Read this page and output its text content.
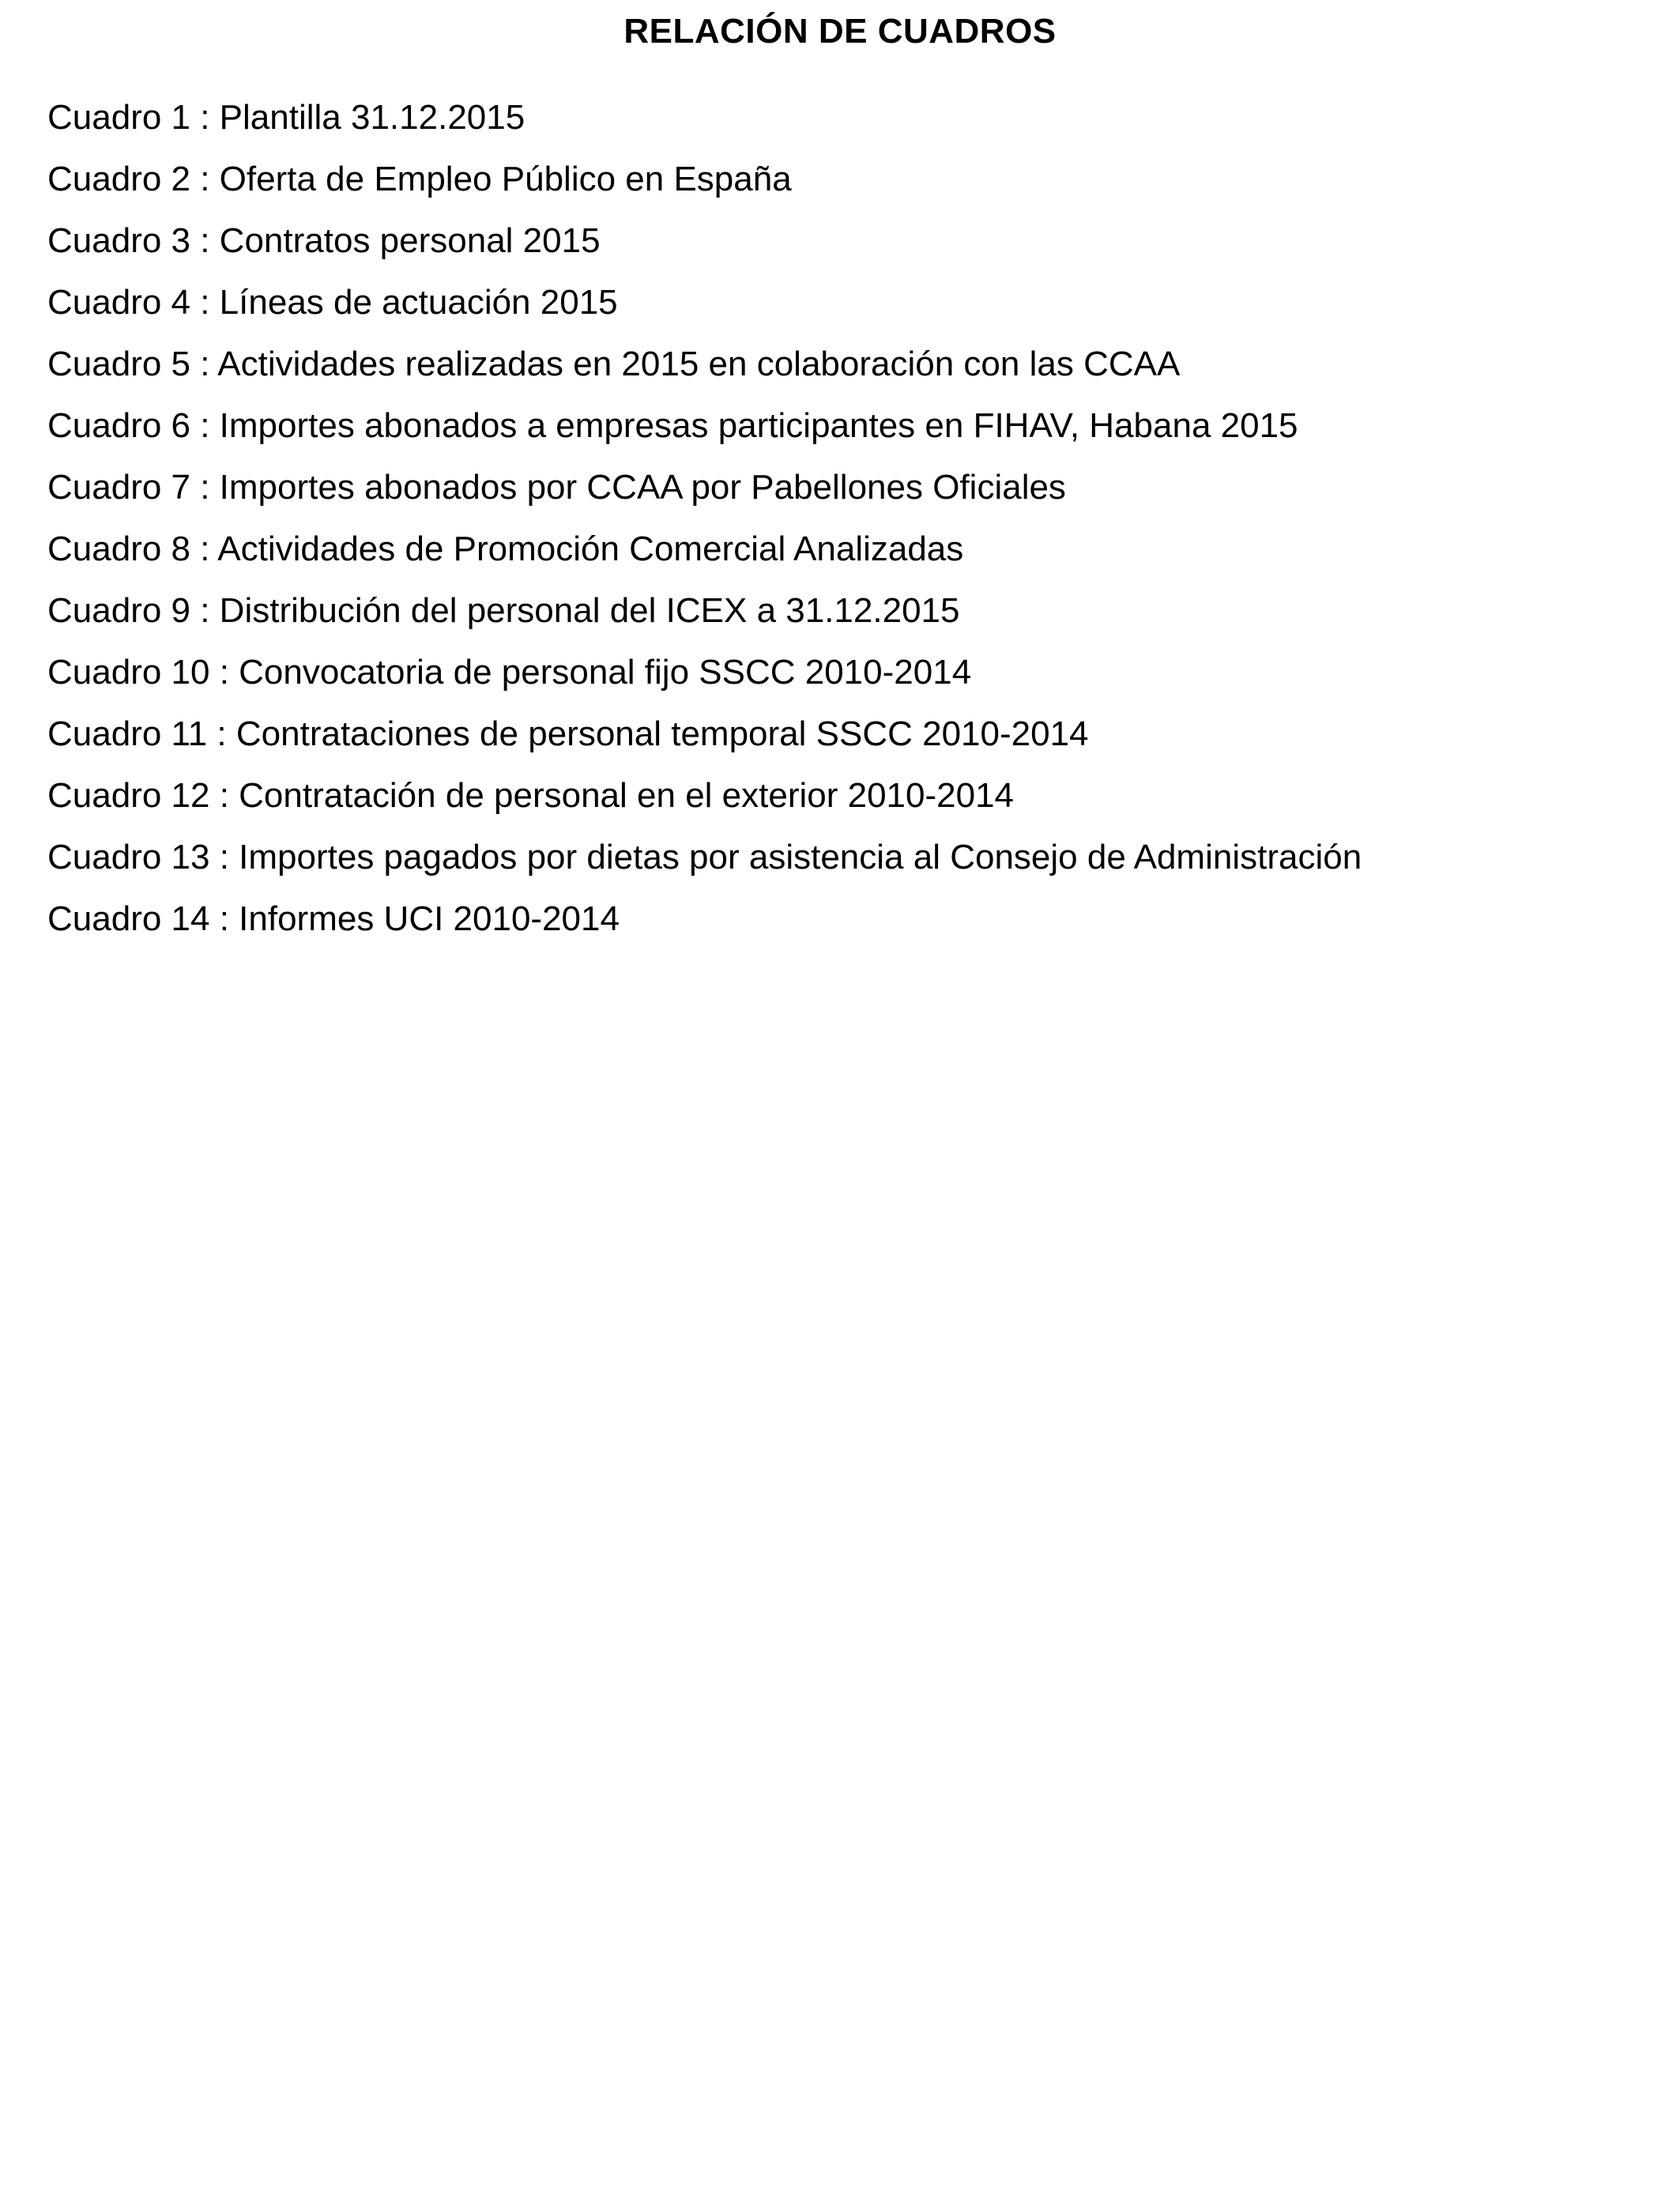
RELACIÓN DE CUADROS
Cuadro 1 : Plantilla 31.12.2015
Cuadro 2 : Oferta de Empleo Público en España
Cuadro 3 : Contratos personal 2015
Cuadro 4 : Líneas de actuación 2015
Cuadro 5 : Actividades realizadas en 2015 en colaboración con las CCAA
Cuadro 6 : Importes abonados a empresas participantes en FIHAV, Habana 2015
Cuadro 7 : Importes abonados por CCAA por Pabellones Oficiales
Cuadro 8 : Actividades de Promoción Comercial Analizadas
Cuadro 9 : Distribución del personal del ICEX a 31.12.2015
Cuadro 10 : Convocatoria de personal fijo SSCC 2010-2014
Cuadro 11 : Contrataciones de personal temporal SSCC 2010-2014
Cuadro 12 : Contratación de personal en el exterior 2010-2014
Cuadro 13 : Importes pagados por dietas por asistencia al Consejo de Administración
Cuadro 14 : Informes UCI 2010-2014
